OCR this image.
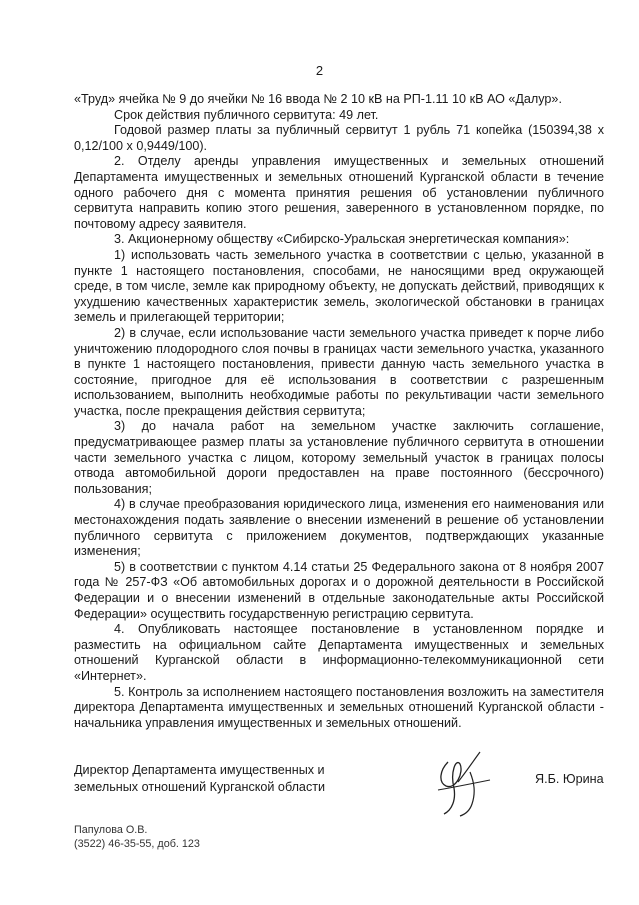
2

«Труд» ячейка № 9 до ячейки № 16 ввода № 2 10 кВ на РП-1.11 10 кВ АО «Далур».

Срок действия публичного сервитута: 49 лет.

Годовой размер платы за публичный сервитут 1 рубль 71 копейка (150394,38 х 0,12/100 х 0,9449/100).

2. Отделу аренды управления имущественных и земельных отношений Департамента имущественных и земельных отношений Курганской области в течение одного рабочего дня с момента принятия решения об установлении публичного сервитута направить копию этого решения, заверенного в установленном порядке, по почтовому адресу заявителя.

3. Акционерному обществу «Сибирско-Уральская энергетическая компания»:

1) использовать часть земельного участка в соответствии с целью, указанной в пункте 1 настоящего постановления, способами, не наносящими вред окружающей среде, в том числе, земле как природному объекту, не допускать действий, приводящих к ухудшению качественных характеристик земель, экологической обстановки в границах земель и прилегающей территории;

2) в случае, если использование части земельного участка приведет к порче либо уничтожению плодородного слоя почвы в границах части земельного участка, указанного в пункте 1 настоящего постановления, привести данную часть земельного участка в состояние, пригодное для её использования в соответствии с разрешенным использованием, выполнить необходимые работы по рекультивации части земельного участка, после прекращения действия сервитута;

3) до начала работ на земельном участке заключить соглашение, предусматривающее размер платы за установление публичного сервитута в отношении части земельного участка с лицом, которому земельный участок в границах полосы отвода автомобильной дороги предоставлен на праве постоянного (бессрочного) пользования;

4) в случае преобразования юридического лица, изменения его наименования или местонахождения подать заявление о внесении изменений в решение об установлении публичного сервитута с приложением документов, подтверждающих указанные изменения;

5) в соответствии с пунктом 4.14 статьи 25 Федерального закона от 8 ноября 2007 года № 257-ФЗ «Об автомобильных дорогах и о дорожной деятельности в Российской Федерации и о внесении изменений в отдельные законодательные акты Российской Федерации» осуществить государственную регистрацию сервитута.

4. Опубликовать настоящее постановление в установленном порядке и разместить на официальном сайте Департамента имущественных и земельных отношений Курганской области в информационно-телекоммуникационной сети «Интернет».

5. Контроль за исполнением настоящего постановления возложить на заместителя директора Департамента имущественных и земельных отношений Курганской области - начальника управления имущественных и земельных отношений.

Директор Департамента имущественных и
земельных отношений Курганской области
Я.Б. Юрина
Папулова О.В.
(3522) 46-35-55, доб. 123
